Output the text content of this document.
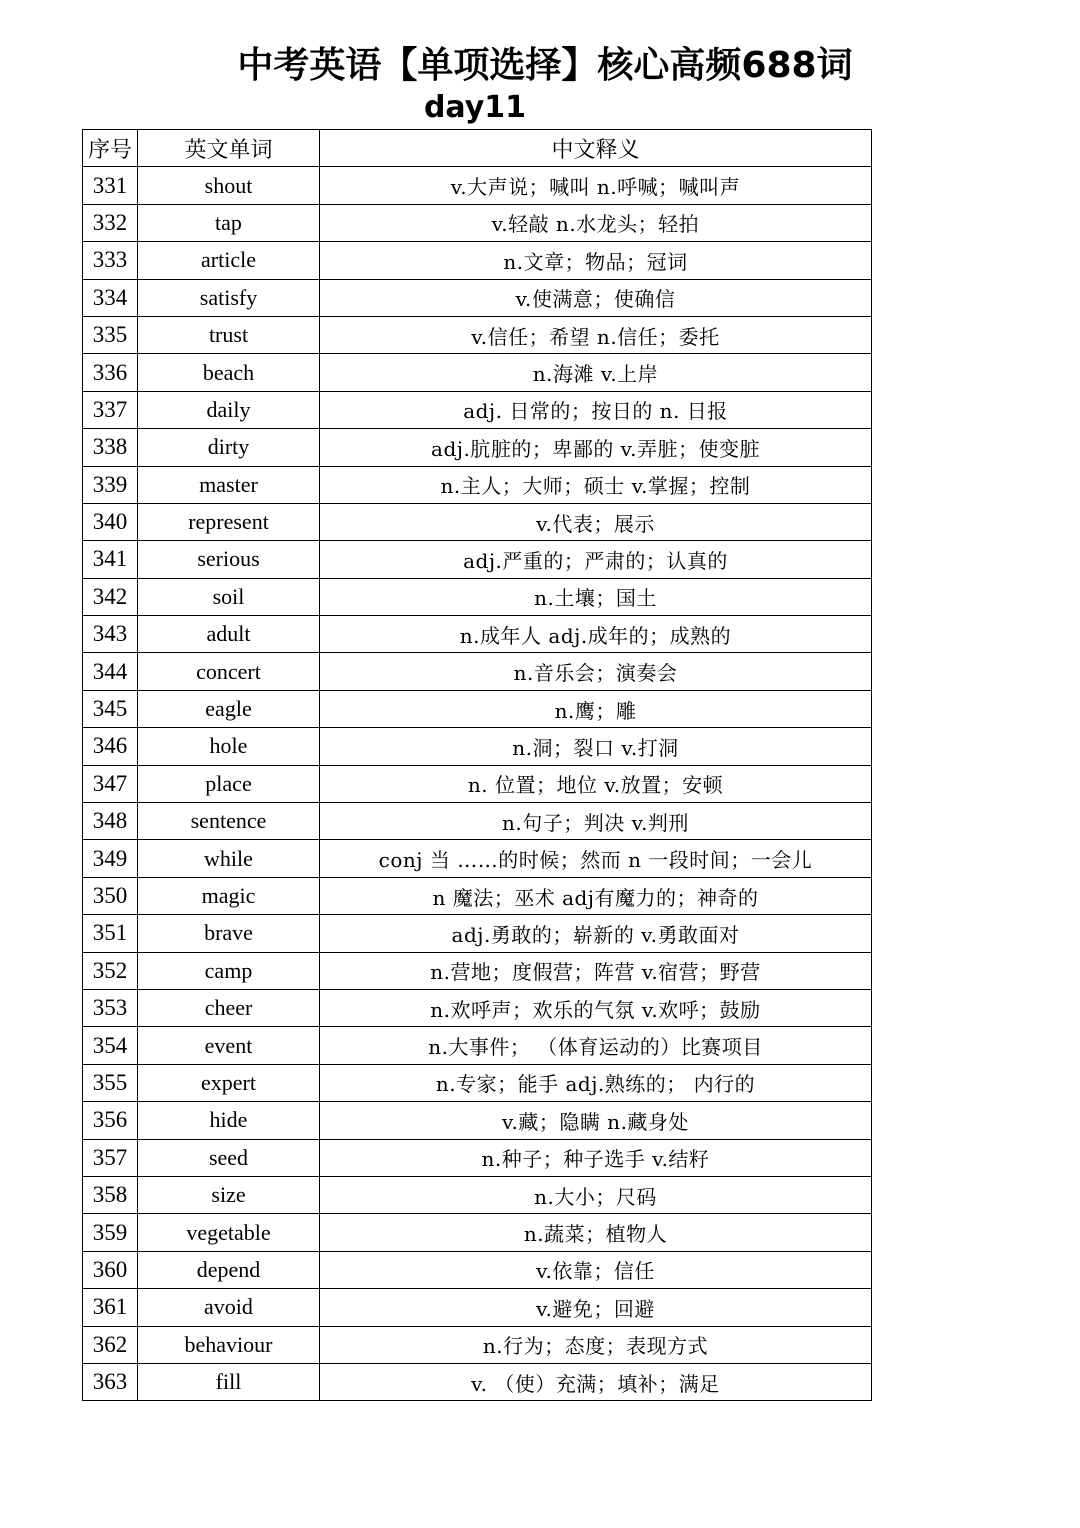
中考英语【单项选择】核心高频688词
day11
序号	英文单词	中文释义
331	shout	v.大声说；喊叫 n.呼喊；喊叫声
332	tap	v.轻敲 n.水龙头；轻拍
333	article	n.文章；物品；冠词
334	satisfy	v.使满意；使确信
335	trust	v.信任；希望 n.信任；委托
336	beach	n.海滩 v.上岸
337	daily	adj. 日常的；按日的 n. 日报
338	dirty	adj.肮脏的；卑鄙的 v.弄脏；使变脏
339	master	n.主人；大师；硕士 v.掌握；控制
340	represent	v.代表；展示
341	serious	adj.严重的；严肃的；认真的
342	soil	n.土壤；国土
343	adult	n.成年人 adj.成年的；成熟的
344	concert	n.音乐会；演奏会
345	eagle	n.鹰；雕
346	hole	n.洞；裂口 v.打洞
347	place	n. 位置；地位 v.放置；安顿
348	sentence	n.句子；判决 v.判刑
349	while	conj 当 ……的时候；然而 n 一段时间；一会儿
350	magic	n 魔法；巫术 adj有魔力的；神奇的
351	brave	adj.勇敢的；崭新的 v.勇敢面对
352	camp	n.营地；度假营；阵营 v.宿营；野营
353	cheer	n.欢呼声；欢乐的气氛 v.欢呼；鼓励
354	event	n.大事件； （体育运动的）比赛项目
355	expert	n.专家；能手 adj.熟练的； 内行的
356	hide	v.藏；隐瞒 n.藏身处
357	seed	n.种子；种子选手 v.结籽
358	size	n.大小；尺码
359	vegetable	n.蔬菜；植物人
360	depend	v.依靠；信任
361	avoid	v.避免；回避
362	behaviour	n.行为；态度；表现方式
363	fill	v. （使）充满；填补；满足
